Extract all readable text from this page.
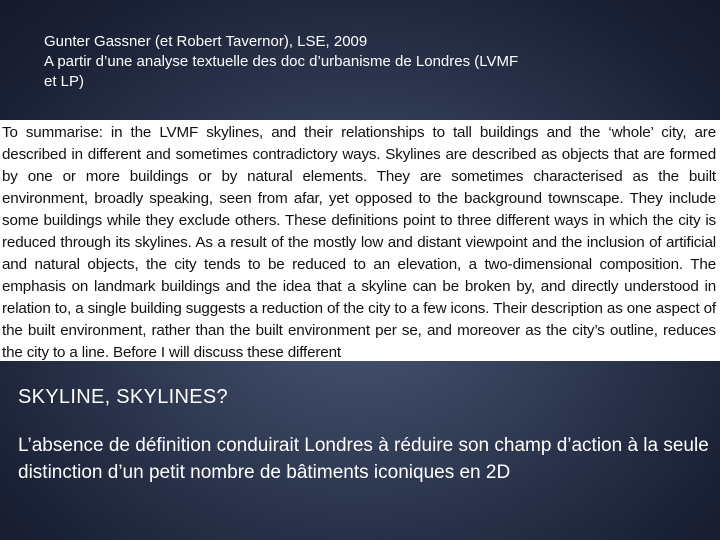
Gunter Gassner (et Robert Tavernor), LSE, 2009
A partir d’une analyse textuelle des doc d’urbanisme de Londres (LVMF
et LP)

To summarise: in the LVMF skylines, and their relationships to tall buildings and the ‘whole’ city, are described in different and sometimes contradictory ways. Skylines are described as objects that are formed by one or more buildings or by natural elements. They are sometimes characterised as the built environment, broadly speaking, seen from afar, yet opposed to the background townscape. They include some buildings while they exclude others. These definitions point to three different ways in which the city is reduced through its skylines. As a result of the mostly low and distant viewpoint and the inclusion of artificial and natural objects, the city tends to be reduced to an elevation, a two-dimensional composition. The emphasis on landmark buildings and the idea that a skyline can be broken by, and directly understood in relation to, a single building suggests a reduction of the city to a few icons. Their description as one aspect of the built environment, rather than the built environment per se, and moreover as the city’s outline, reduces the city to a line. Before I will discuss these different

SKYLINE, SKYLINES?
L’absence de définition conduirait Londres à réduire son champ d’action à la seule distinction d’un petit nombre de bâtiments iconiques en 2D
